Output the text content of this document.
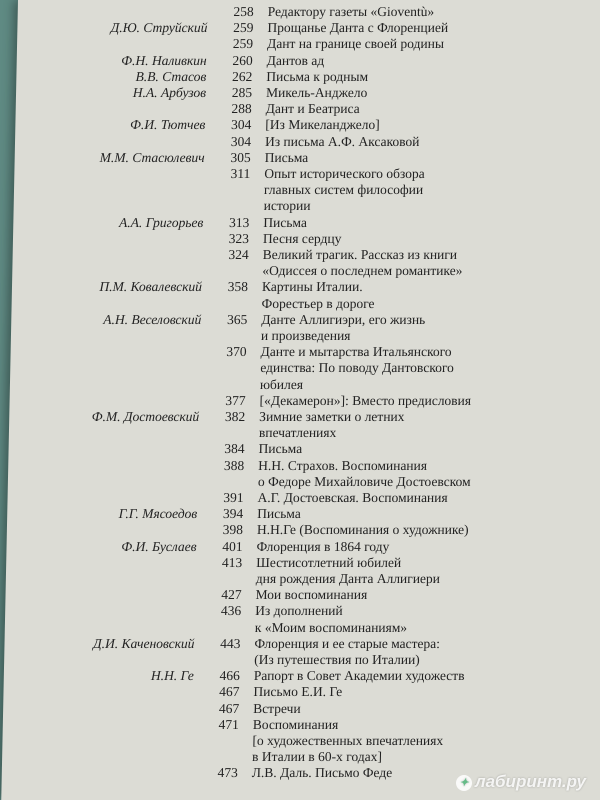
258 Редактору газеты «Gioventù»
Д.Ю. Струйский	259 Прощанье Данта с Флоренцией
259 Дант на границе своей родины
Ф.Н. Наливкин	260 Дантов ад
В.В. Стасов	262 Письма к родным
Н.А. Арбузов	285 Микель-Анджело
288 Дант и Беатриса
Ф.И. Тютчев	304 [Из Микеланджело]
304 Из письма А.Ф. Аксаковой
М.М. Стасюлевич	305 Письма
311 Опыт исторического обзора
главных систем философии
истории
А.А. Григорьев	313 Письма
323 Песня сердцу
324 Великий трагик. Рассказ из книги
«Одиссея о последнем романтике»
П.М. Ковалевский	358 Картины Италии.
Форестьер в дороге
А.Н. Веселовский	365 Данте Аллигиэри, его жизнь
и произведения
370 Данте и мытарства Итальянского
единства: По поводу Дантовского
юбилея
377 [«Декамерон»]: Вместо предисловия
Ф.М. Достоевский	382 Зимние заметки о летних
впечатлениях
384 Письма
388 Н.Н. Страхов. Воспоминания
о Федоре Михайловиче Достоевском
391 А.Г. Достоевская. Воспоминания
Г.Г. Мясоедов	394 Письма
398 Н.Н.Ге (Воспоминания о художнике)
Ф.И. Буслаев	401 Флоренция в 1864 году
413 Шестисотлетний юбилей
дня рождения Данта Аллигиери
427 Мои воспоминания
436 Из дополнений
к «Моим воспоминаниям»
Д.И. Каченовский	443 Флоренция и ее старые мастера:
(Из путешествия по Италии)
Н.Н. Ге	466 Рапорт в Совет Академии художеств
467 Письмо Е.И. Ге
467 Встречи
471 Воспоминания
[о художественных впечатлениях
в Италии в 60-х годах]
473 Л.В. Даль. Письмо Феде
✦ лабиринт.ру
